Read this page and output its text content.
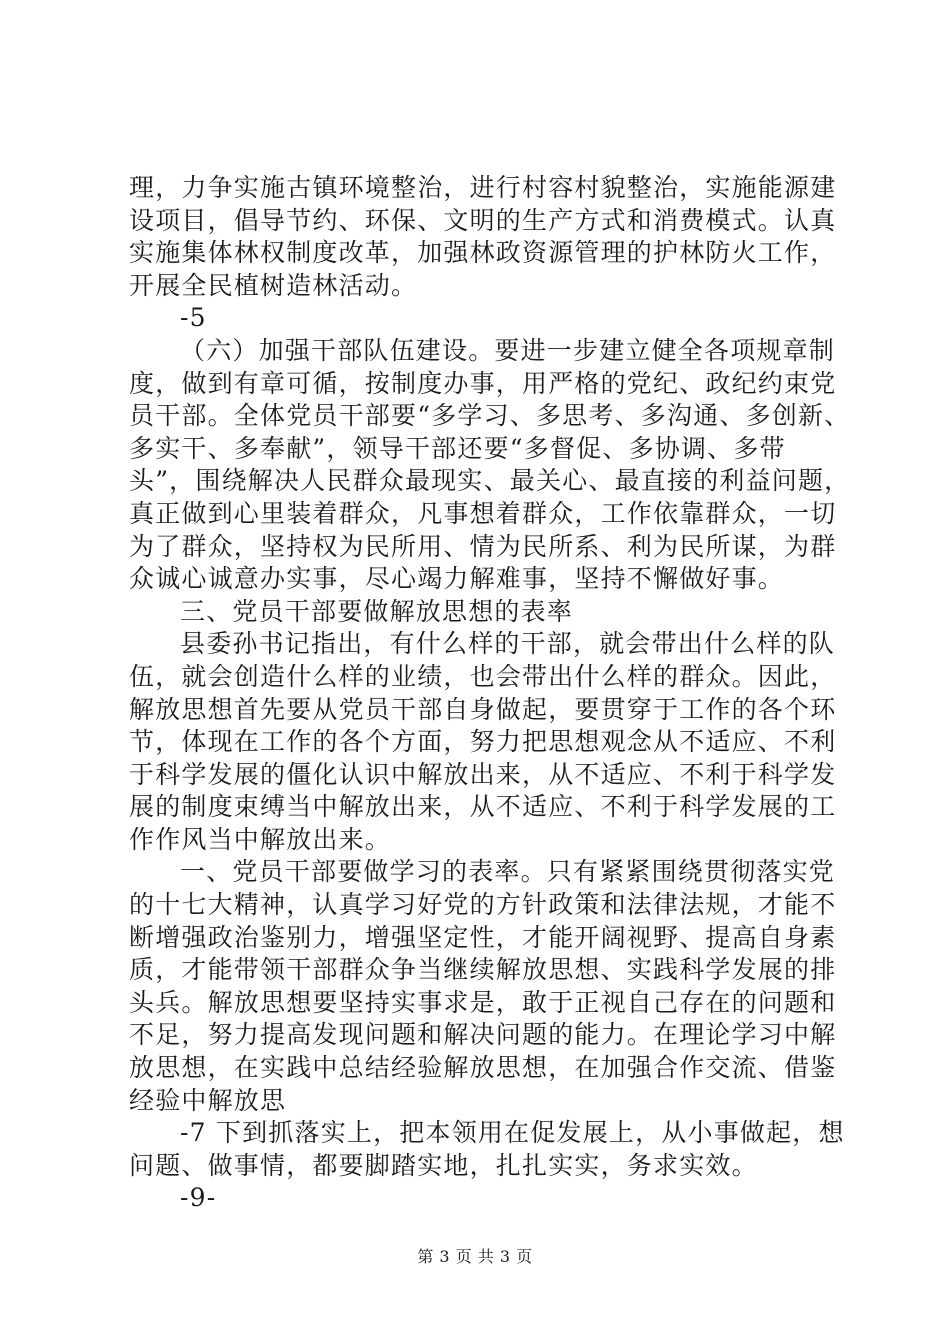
理，力争实施古镇环境整治，进行村容村貌整治，实施能源建
设项目，倡导节约、环保、文明的生产方式和消费模式。认真
实施集体林权制度改革，加强林政资源管理的护林防火工作，
开展全民植树造林活动。
-5
（六）加强干部队伍建设。要进一步建立健全各项规章制
度，做到有章可循，按制度办事，用严格的党纪、政纪约束党
员干部。全体党员干部要“多学习、多思考、多沟通、多创新、
多实干、多奉献”，领导干部还要“多督促、多协调、多带
头”，围绕解决人民群众最现实、最关心、最直接的利益问题，
真正做到心里装着群众，凡事想着群众，工作依靠群众，一切
为了群众，坚持权为民所用、情为民所系、利为民所谋，为群
众诚心诚意办实事，尽心竭力解难事，坚持不懈做好事。
三、党员干部要做解放思想的表率
县委孙书记指出，有什么样的干部，就会带出什么样的队
伍，就会创造什么样的业绩，也会带出什么样的群众。因此，
解放思想首先要从党员干部自身做起，要贯穿于工作的各个环
节，体现在工作的各个方面，努力把思想观念从不适应、不利
于科学发展的僵化认识中解放出来，从不适应、不利于科学发
展的制度束缚当中解放出来，从不适应、不利于科学发展的工
作作风当中解放出来。
一、党员干部要做学习的表率。只有紧紧围绕贯彻落实党
的十七大精神，认真学习好党的方针政策和法律法规，才能不
断增强政治鉴别力，增强坚定性，才能开阔视野、提高自身素
质，才能带领干部群众争当继续解放思想、实践科学发展的排
头兵。解放思想要坚持实事求是，敢于正视自己存在的问题和
不足，努力提高发现问题和解决问题的能力。在理论学习中解
放思想，在实践中总结经验解放思想，在加强合作交流、借鉴
经验中解放思
-7 下到抓落实上，把本领用在促发展上，从小事做起，想
问题、做事情，都要脚踏实地，扎扎实实，务求实效。
-9-
第 3 页 共 3 页
